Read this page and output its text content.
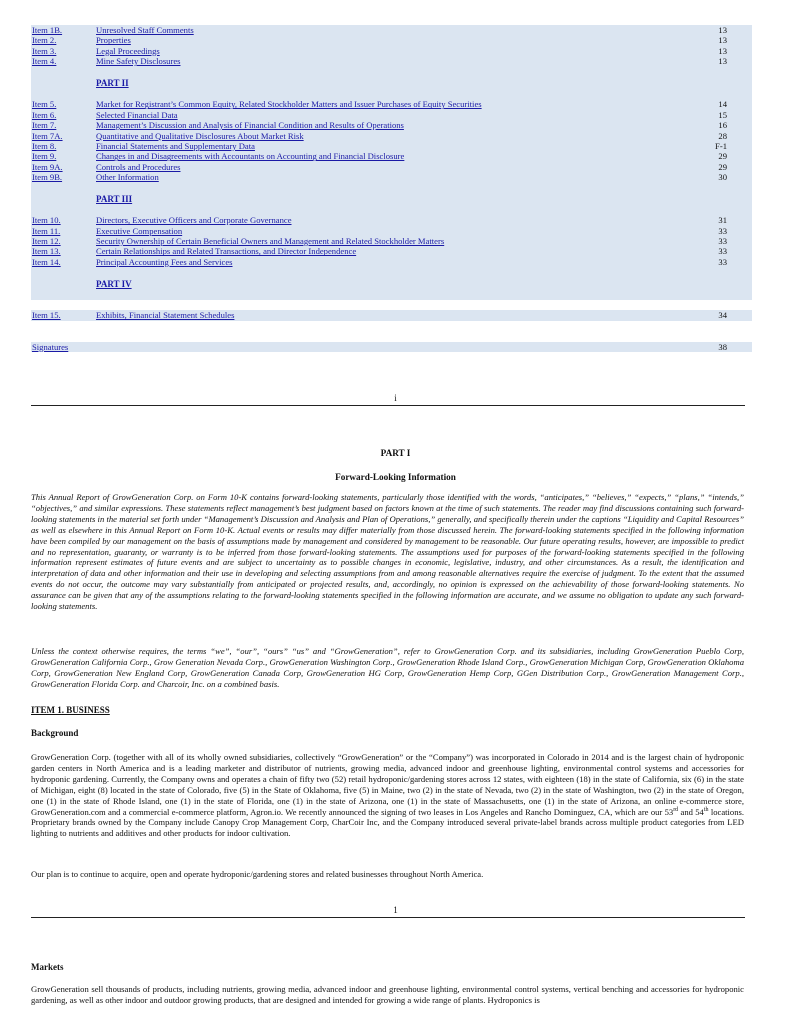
Item 1B.	Unresolved Staff Comments	13
Item 2.	Properties	13
Item 3.	Legal Proceedings	13
Item 4.	Mine Safety Disclosures	13
PART II
Item 5.	Market for Registrant’s Common Equity, Related Stockholder Matters and Issuer Purchases of Equity Securities	14
Item 6.	Selected Financial Data	15
Item 7.	Management’s Discussion and Analysis of Financial Condition and Results of Operations	16
Item 7A.	Quantitative and Qualitative Disclosures About Market Risk	28
Item 8.	Financial Statements and Supplementary Data	F-1
Item 9.	Changes in and Disagreements with Accountants on Accounting and Financial Disclosure	29
Item 9A.	Controls and Procedures	29
Item 9B.	Other Information	30
PART III
Item 10.	Directors, Executive Officers and Corporate Governance	31
Item 11.	Executive Compensation	33
Item 12.	Security Ownership of Certain Beneficial Owners and Management and Related Stockholder Matters	33
Item 13.	Certain Relationships and Related Transactions, and Director Independence	33
Item 14.	Principal Accounting Fees and Services	33
PART IV
Item 15.	Exhibits, Financial Statement Schedules	34
Signatures	38
i
PART I
Forward-Looking Information
This Annual Report of GrowGeneration Corp. on Form 10-K contains forward-looking statements, particularly those identified with the words, “anticipates,” “believes,” “expects,” “plans,” “intends,” “objectives,” and similar expressions. These statements reflect management’s best judgment based on factors known at the time of such statements. The reader may find discussions containing such forward-looking statements in the material set forth under “Management’s Discussion and Analysis and Plan of Operations,” generally, and specifically therein under the captions “Liquidity and Capital Resources” as well as elsewhere in this Annual Report on Form 10-K. Actual events or results may differ materially from those discussed herein. The forward-looking statements specified in the following information have been compiled by our management on the basis of assumptions made by management and considered by management to be reasonable. Our future operating results, however, are impossible to predict and no representation, guaranty, or warranty is to be inferred from those forward-looking statements. The assumptions used for purposes of the forward-looking statements specified in the following information represent estimates of future events and are subject to uncertainty as to possible changes in economic, legislative, industry, and other circumstances. As a result, the identification and interpretation of data and other information and their use in developing and selecting assumptions from and among reasonable alternatives require the exercise of judgment. To the extent that the assumed events do not occur, the outcome may vary substantially from anticipated or projected results, and, accordingly, no opinion is expressed on the achievability of those forward-looking statements. No assurance can be given that any of the assumptions relating to the forward-looking statements specified in the following information are accurate, and we assume no obligation to update any such forward-looking statements.
Unless the context otherwise requires, the terms “we”, “our”, “ours” “us” and “GrowGeneration”, refer to GrowGeneration Corp. and its subsidiaries, including GrowGeneration Pueblo Corp, GrowGeneration California Corp., Grow Generation Nevada Corp., GrowGeneration Washington Corp., GrowGeneration Rhode Island Corp., GrowGeneration Michigan Corp, GrowGeneration Oklahoma Corp, GrowGeneration New England Corp, GrowGeneration Canada Corp, GrowGeneration HG Corp, GrowGeneration Hemp Corp, GGen Distribution Corp., GrowGeneration Management Corp., GrowGeneration Florida Corp. and Charcoir, Inc. on a combined basis.
ITEM 1. BUSINESS
Background
GrowGeneration Corp. (together with all of its wholly owned subsidiaries, collectively “GrowGeneration” or the “Company”) was incorporated in Colorado in 2014 and is the largest chain of hydroponic garden centers in North America and is a leading marketer and distributor of nutrients, growing media, advanced indoor and greenhouse lighting, environmental control systems and accessories for hydroponic gardening. Currently, the Company owns and operates a chain of fifty two (52) retail hydroponic/gardening stores across 12 states, with eighteen (18) in the state of California, six (6) in the state of Michigan, eight (8) located in the state of Colorado, five (5) in the State of Oklahoma, five (5) in Maine, two (2) in the state of Nevada, two (2) in the state of Washington, two (2) in the state of Oregon, one (1) in the state of Rhode Island, one (1) in the state of Florida, one (1) in the state of Arizona, one (1) in the state of Massachusetts, one (1) in the state of Arizona, an online e-commerce store, GrowGeneration.com and a commercial e-commerce platform, Agron.io. We recently announced the signing of two leases in Los Angeles and Rancho Dominguez, CA, which are our 53rd and 54th locations. Proprietary brands owned by the Company include Canopy Crop Management Corp, CharCoir Inc, and the Company introduced several private-label brands across multiple product categories from LED lighting to nutrients and additives and other products for indoor cultivation.
Our plan is to continue to acquire, open and operate hydroponic/gardening stores and related businesses throughout North America.
1
Markets
GrowGeneration sell thousands of products, including nutrients, growing media, advanced indoor and greenhouse lighting, environmental control systems, vertical benching and accessories for hydroponic gardening, as well as other indoor and outdoor growing products, that are designed and intended for growing a wide range of plants. Hydroponics is
